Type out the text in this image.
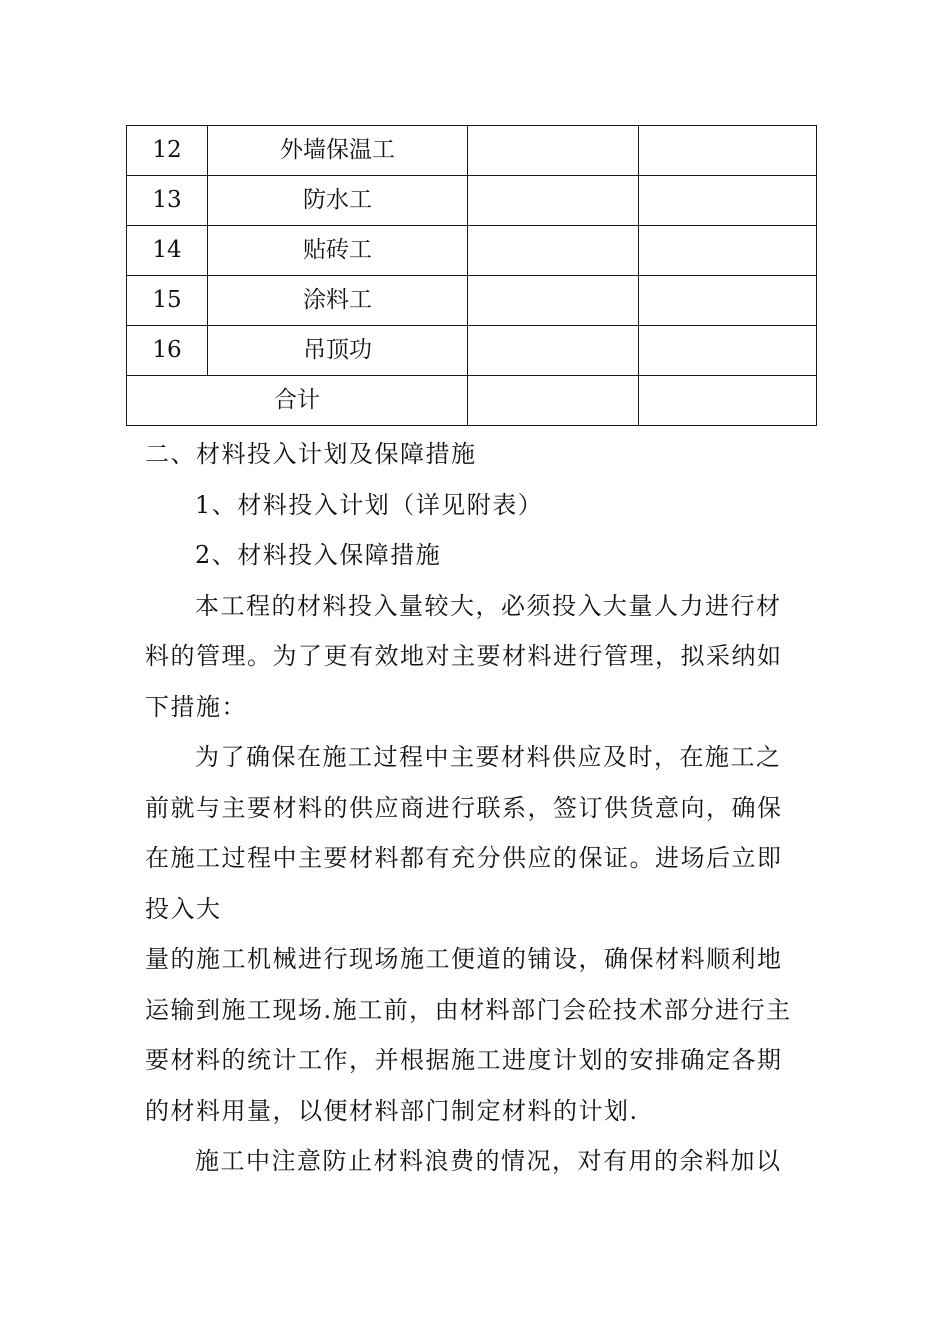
12	外墙保温工		
13	防水工		
14	贴砖工		
15	涂料工		
16	吊顶功		
合计			
二、材料投入计划及保障措施
1、材料投入计划（详见附表）
2、材料投入保障措施
本工程的材料投入量较大，必须投入大量人力进行材
料的管理。为了更有效地对主要材料进行管理，拟采纳如
下措施：
为了确保在施工过程中主要材料供应及时，在施工之
前就与主要材料的供应商进行联系，签订供货意向，确保
在施工过程中主要材料都有充分供应的保证。进场后立即
投入大
量的施工机械进行现场施工便道的铺设，确保材料顺利地
运输到施工现场.施工前，由材料部门会砼技术部分进行主
要材料的统计工作，并根据施工进度计划的安排确定各期
的材料用量，以便材料部门制定材料的计划.
施工中注意防止材料浪费的情况，对有用的余料加以
